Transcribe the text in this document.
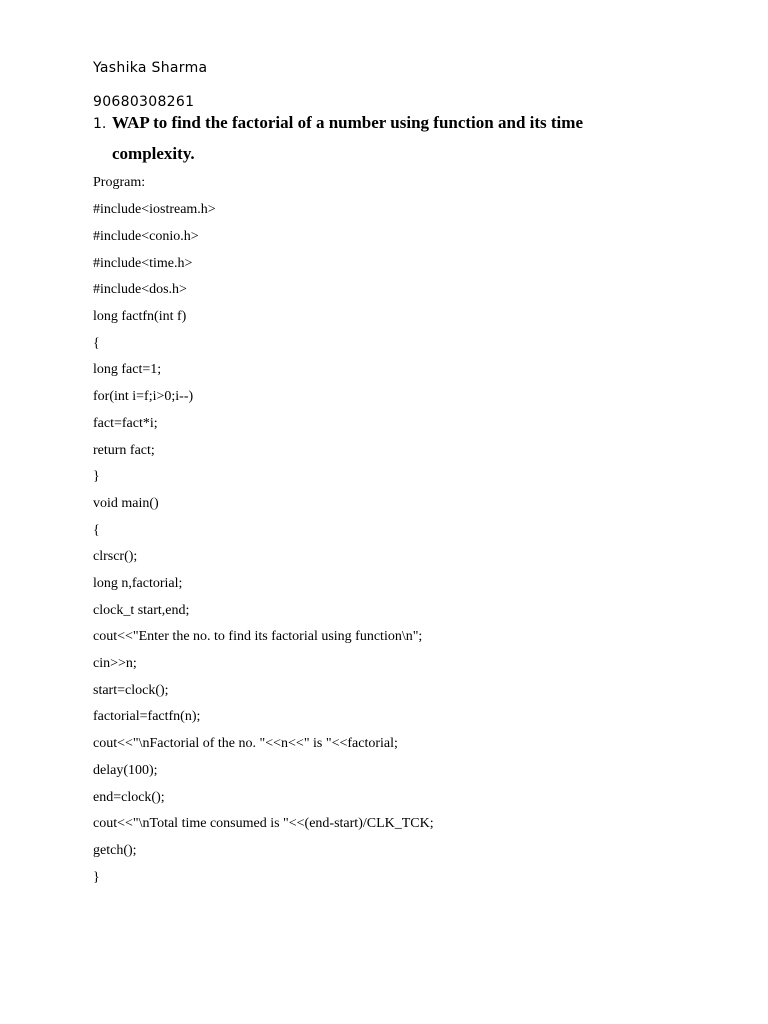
Yashika Sharma
90680308261
1. WAP to find the factorial of a number using function and its time
complexity.
Program:
#include<iostream.h>
#include<conio.h>
#include<time.h>
#include<dos.h>
long factfn(int f)
{
long fact=1;
for(int i=f;i>0;i--)
fact=fact*i;
return fact;
}
void main()
{
clrscr();
long n,factorial;
clock_t start,end;
cout<<"Enter the no. to find its factorial using function\n";
cin>>n;
start=clock();
factorial=factfn(n);
cout<<"\nFactorial of the no. "<<n<<" is "<<factorial;
delay(100);
end=clock();
cout<<"\nTotal time consumed is "<<(end-start)/CLK_TCK;
getch();
}
